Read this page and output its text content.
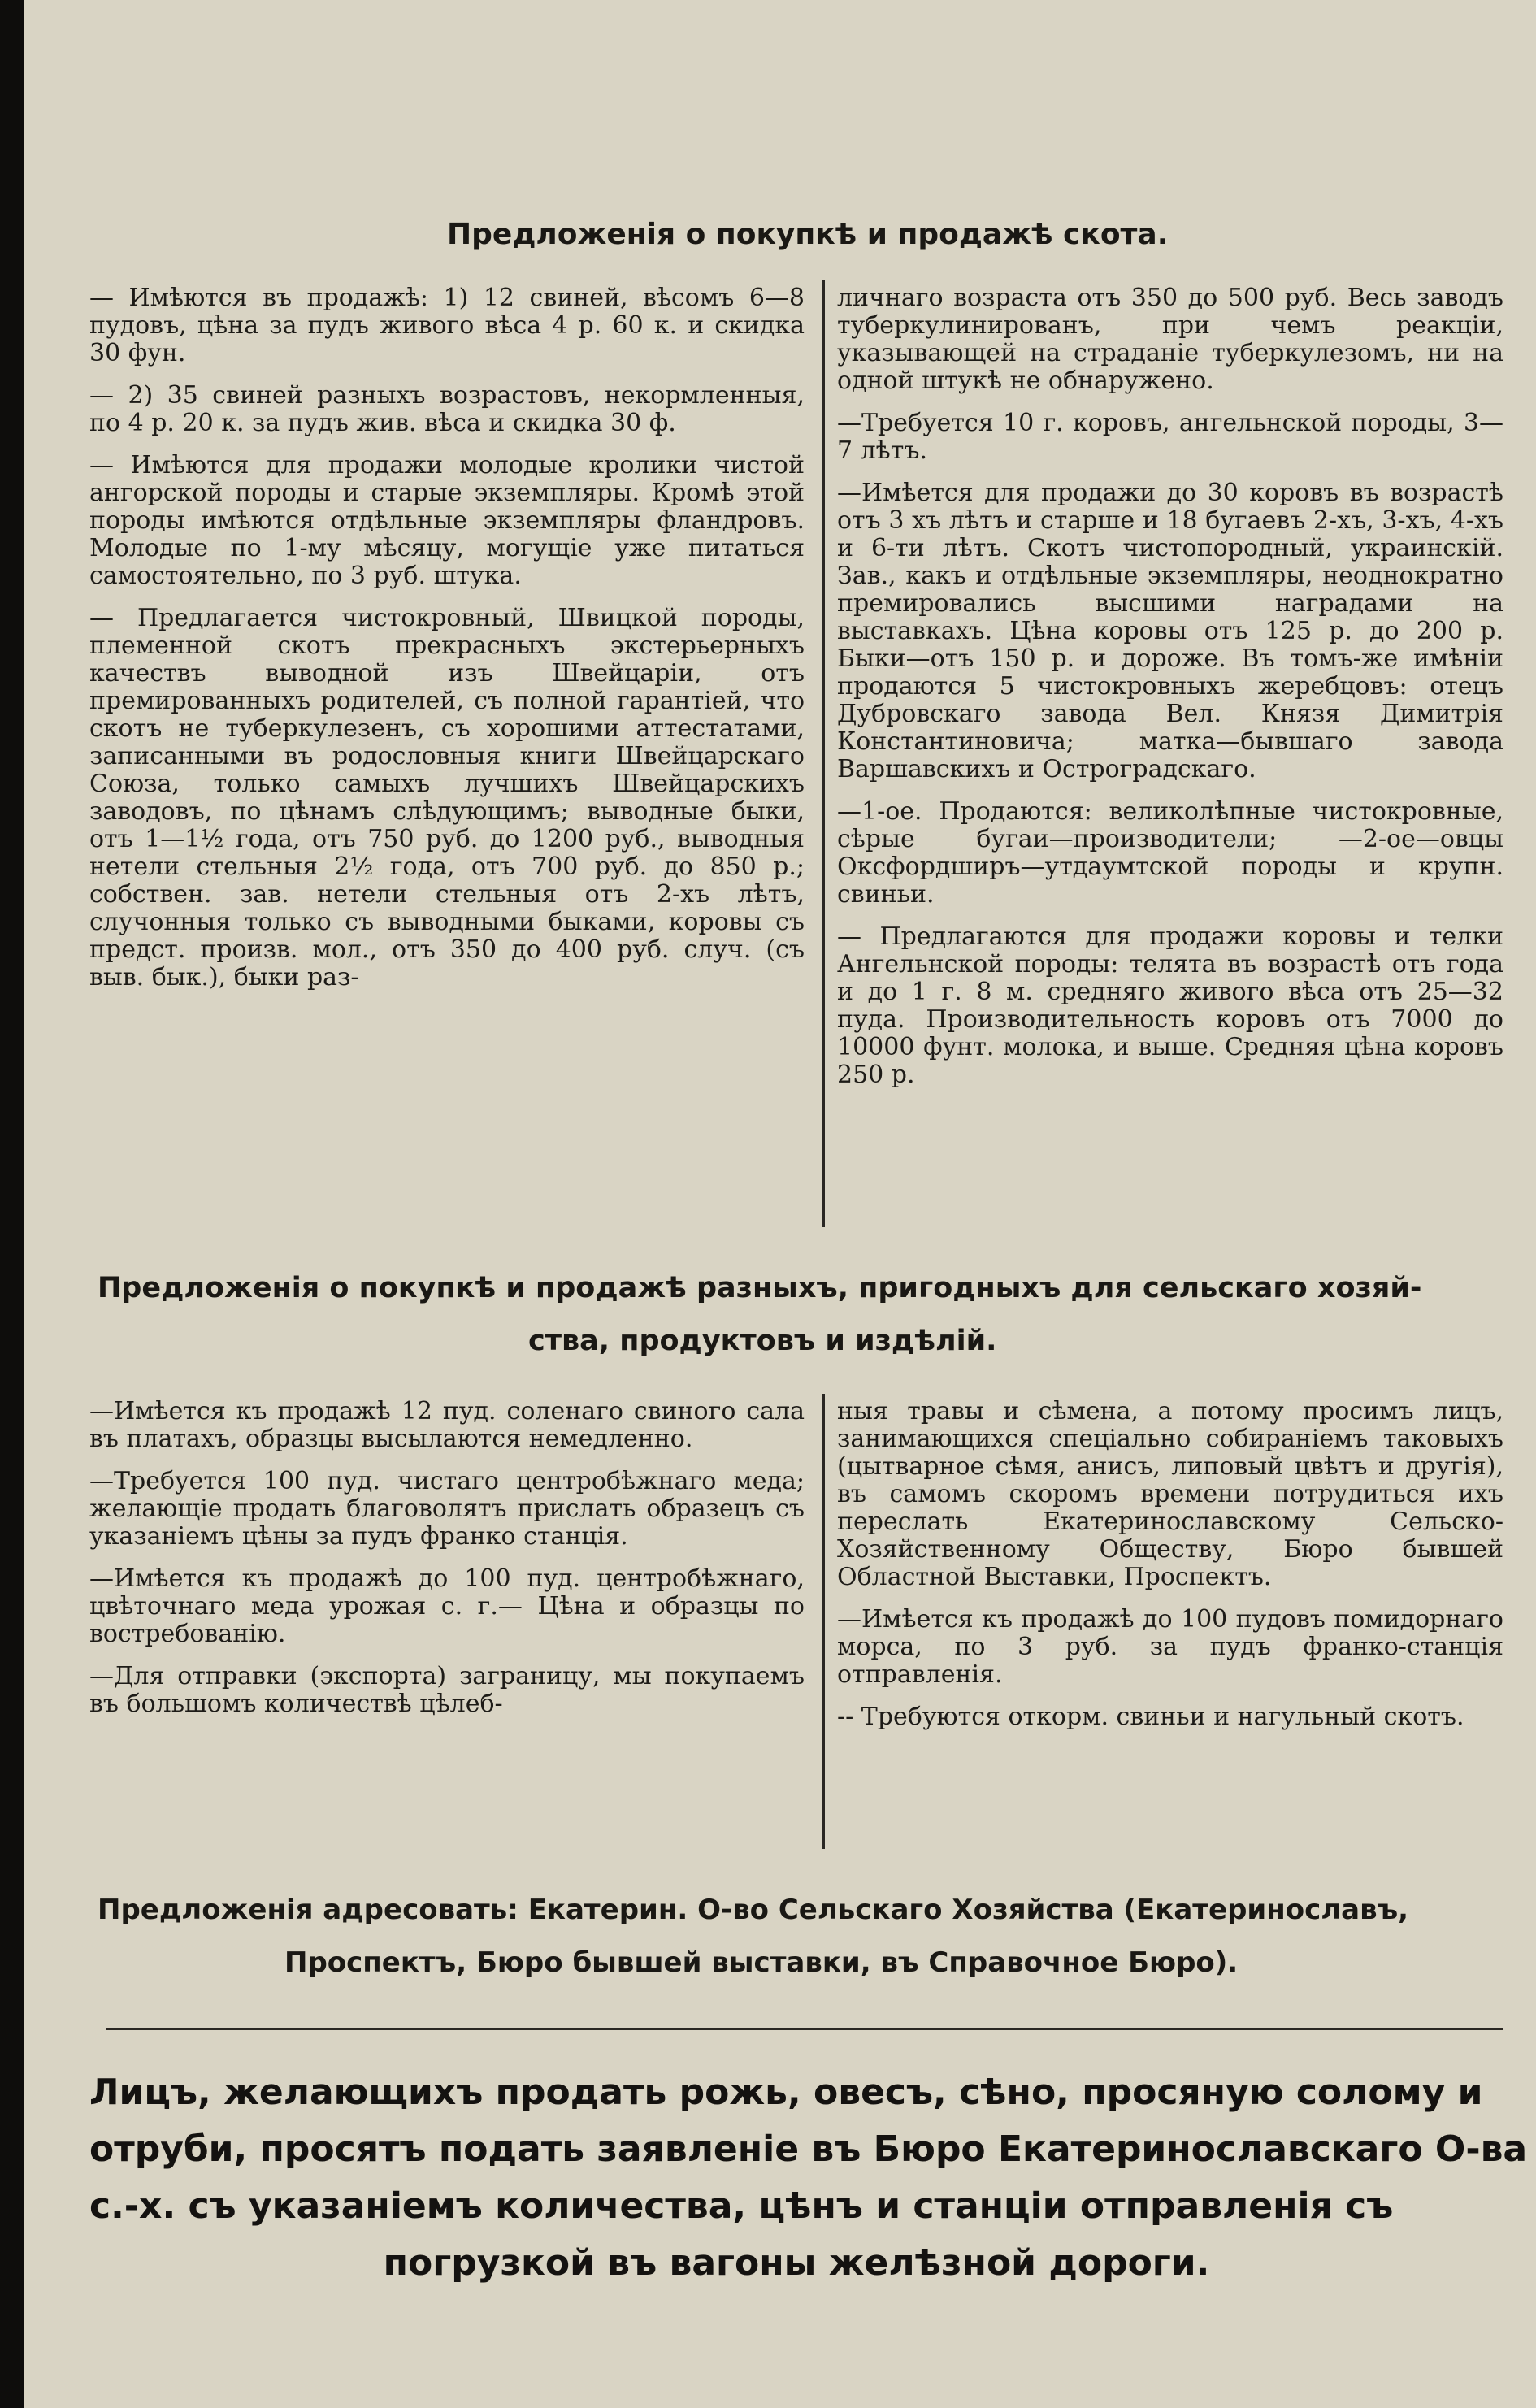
Предложенія о покупкѣ и продажѣ скота.

— Имѣются въ продажѣ: 1) 12 свиней, вѣсомъ 6—8 пудовъ, цѣна за пудъ живого вѣса 4 р. 60 к. и скидка 30 фун.

— 2) 35 свиней разныхъ возрастовъ, некормленныя, по 4 р. 20 к. за пудъ жив. вѣса и скидка 30 ф.

— Имѣются для продажи молодые кролики чистой ангорской породы и старые экземпляры. Кромѣ этой породы имѣются отдѣльные экземпляры фландровъ. Молодые по 1-му мѣсяцу, могущіе уже питаться самостоятельно, по 3 руб. штука.

— Предлагается чистокровный, Швицкой породы, племенной скотъ прекрасныхъ экстерьерныхъ качествъ выводной изъ Швейцаріи, отъ премированныхъ родителей, съ полной гарантіей, что скотъ не туберкулезенъ, съ хорошими аттестатами, записанными въ родословныя книги Швейцарскаго Союза, только самыхъ лучшихъ Швейцарскихъ заводовъ, по цѣнамъ слѣдующимъ; выводные быки, отъ 1—1½ года, отъ 750 руб. до 1200 руб., выводныя нетели стельныя 2½ года, отъ 700 руб. до 850 р.; собствен. зав. нетели стельныя отъ 2-хъ лѣтъ, случонныя только съ выводными быками, коровы съ предст. произв. мол., отъ 350 до 400 руб. случ. (съ выв. бык.), быки раз-

личнаго возраста отъ 350 до 500 руб. Весь заводъ туберкулинированъ, при чемъ реакціи, указывающей на страданіе туберкулезомъ, ни на одной штукѣ не обнаружено.

—Требуется 10 г. коровъ, ангельнской породы, 3—7 лѣтъ.

—Имѣется для продажи до 30 коровъ въ возрастѣ отъ 3 хъ лѣтъ и старше и 18 бугаевъ 2-хъ, 3-хъ, 4-хъ и 6-ти лѣтъ. Скотъ чистопородный, украинскій. Зав., какъ и отдѣльные экземпляры, неоднократно премировались высшими наградами на выставкахъ. Цѣна коровы отъ 125 р. до 200 р. Быки—отъ 150 р. и дороже. Въ томъ-же имѣніи продаются 5 чистокровныхъ жеребцовъ: отецъ Дубровскаго завода Вел. Князя Димитрія Константиновича; матка—бывшаго завода Варшавскихъ и Остроградскаго.

—1-ое. Продаются: великолѣпные чистокровные, сѣрые бугаи—производители; —2-ое—овцы Оксфордширъ—утдаумтской породы и крупн. свиньи.

— Предлагаются для продажи коровы и телки Ангельнской породы: телята въ возрастѣ отъ года и до 1 г. 8 м. средняго живого вѣса отъ 25—32 пуда. Производительность коровъ отъ 7000 до 10000 фунт. молока, и выше. Средняя цѣна коровъ 250 р.

Предложенія о покупкѣ и продажѣ разныхъ, пригодныхъ для сельскаго хозяй-
ства, продуктовъ и издѣлій.

—Имѣется къ продажѣ 12 пуд. соленаго свиного сала въ платахъ, образцы высылаются немедленно.

—Требуется 100 пуд. чистаго центробѣжнаго меда; желающіе продать благоволятъ прислать образецъ съ указаніемъ цѣны за пудъ франко станція.

—Имѣется къ продажѣ до 100 пуд. центробѣжнаго, цвѣточнаго меда урожая с. г.— Цѣна и образцы по востребованію.

—Для отправки (экспорта) заграницу, мы покупаемъ въ большомъ количествѣ цѣлеб-

ныя травы и сѣмена, а потому просимъ лицъ, занимающихся спеціально собираніемъ таковыхъ (цытварное сѣмя, анисъ, липовый цвѣтъ и другія), въ самомъ скоромъ времени потрудиться ихъ переслать Екатеринославскому Сельско-Хозяйственному Обществу, Бюро бывшей Областной Выставки, Проспектъ.

—Имѣется къ продажѣ до 100 пудовъ помидорнаго морса, по 3 руб. за пудъ франко-станція отправленія.

-- Требуются откорм. свиньи и нагульный скотъ.

Предложенія адресовать: Екатерин. О-во Сельскаго Хозяйства (Екатеринославъ,
Проспектъ, Бюро бывшей выставки, въ Справочное Бюро).
Лицъ, желающихъ продать рожь, овесъ, сѣно, просяную солому и
отруби, просятъ подать заявленіе въ Бюро Екатеринославскаго О-ва
с.-х. съ указаніемъ количества, цѣнъ и станціи отправленія съ
погрузкой въ вагоны желѣзной дороги.
